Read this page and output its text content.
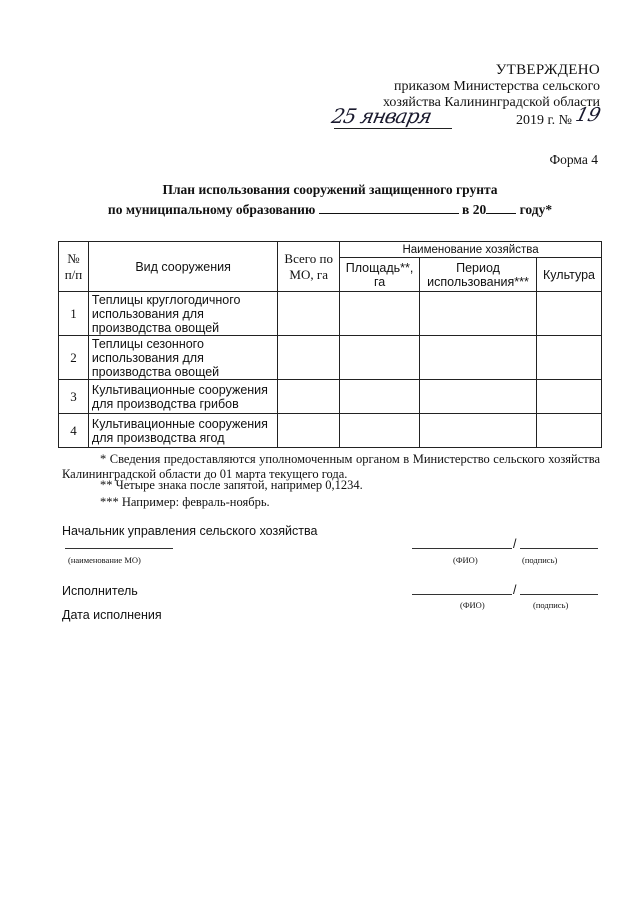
УТВЕРЖДЕНО
приказом Министерства сельского
хозяйства Калининградской области
25 января	2019 г. № 19
Форма 4
План использования сооружений защищенного грунта
по муниципальному образованию	в 20 году*
№ п/п	Вид сооружения	Всего по МО, га	Наименование хозяйства		
			Площадь**, га	Период использования***	Культура
1	Теплицы круглогодичного использования для производства овощей				
2	Теплицы сезонного использования для производства овощей				
3	Культивационные сооружения для производства грибов				
4	Культивационные сооружения для производства ягод				
* Сведения предоставляются уполномоченным органом в Министерство сельского хозяйства Калининградской области до 01 марта текущего года.
** Четыре знака после запятой, например 0,1234.
*** Например: февраль-ноябрь.
Начальник управления сельского хозяйства
(наименование МО)
/
(ФИО)	(подпись)
Исполнитель	/
(ФИО)	(подпись)
Дата исполнения
